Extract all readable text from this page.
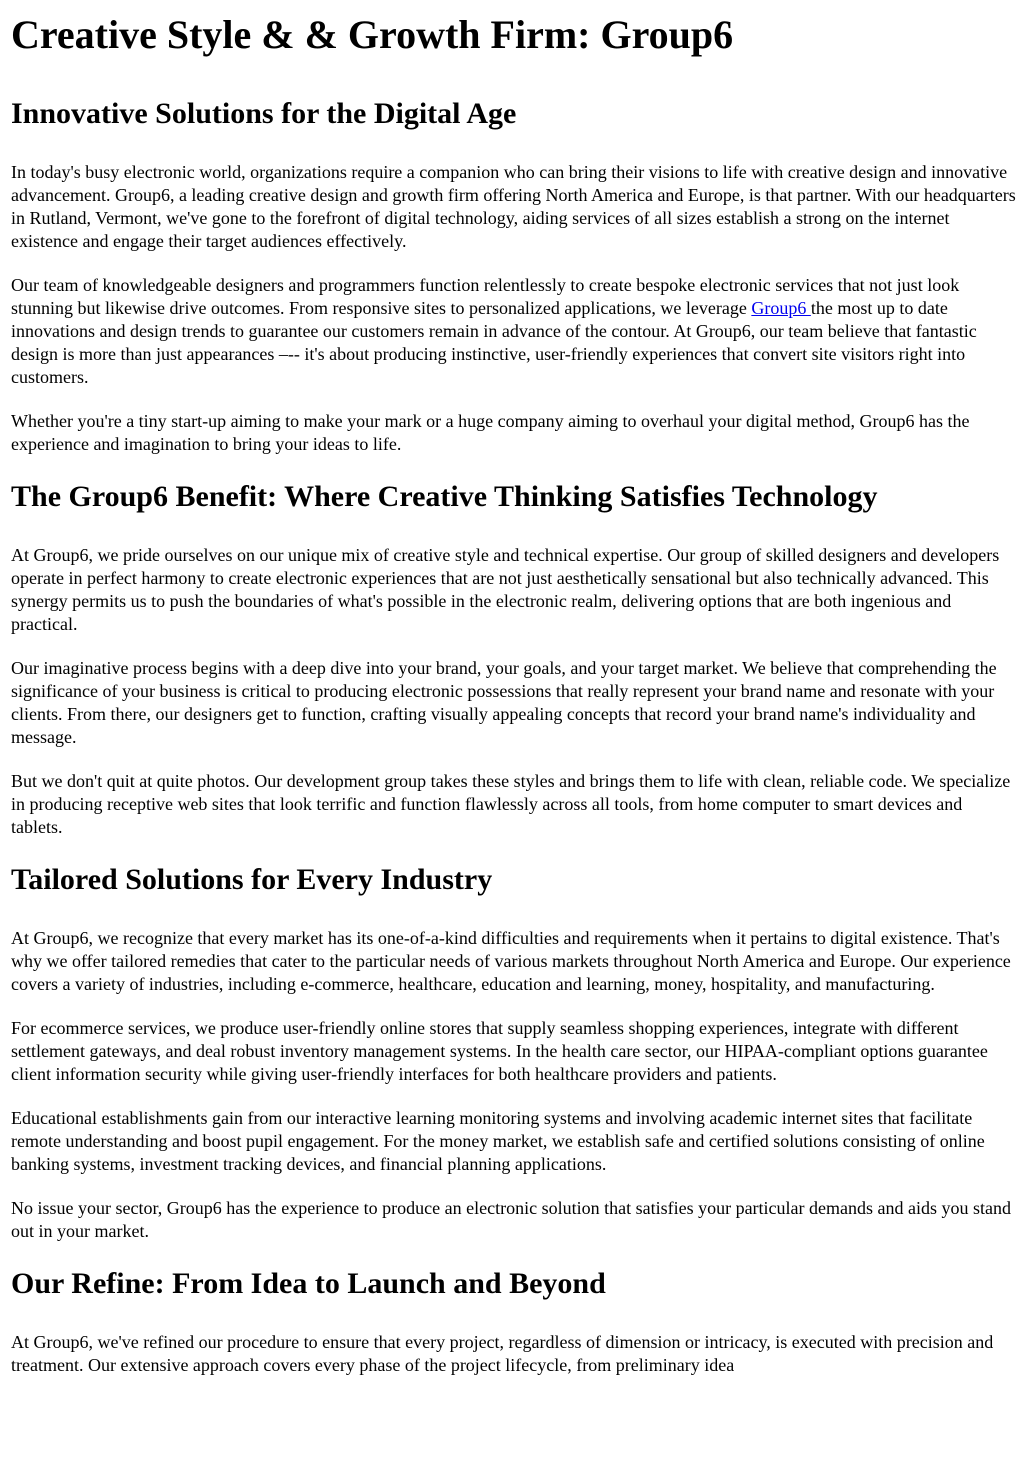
Creative Style & & Growth Firm: Group6
Innovative Solutions for the Digital Age

In today's busy electronic world, organizations require a companion who can bring their visions to life with creative design and innovative advancement. Group6, a leading creative design and growth firm offering North America and Europe, is that partner. With our headquarters in Rutland, Vermont, we've gone to the forefront of digital technology, aiding services of all sizes establish a strong on the internet existence and engage their target audiences effectively.

Our team of knowledgeable designers and programmers function relentlessly to create bespoke electronic services that not just look stunning but likewise drive outcomes. From responsive sites to personalized applications, we leverage Group6 the most up to date innovations and design trends to guarantee our customers remain in advance of the contour. At Group6, our team believe that fantastic design is more than just appearances –-- it's about producing instinctive, user-friendly experiences that convert site visitors right into customers.

Whether you're a tiny start-up aiming to make your mark or a huge company aiming to overhaul your digital method, Group6 has the experience and imagination to bring your ideas to life.

The Group6 Benefit: Where Creative Thinking Satisfies Technology

At Group6, we pride ourselves on our unique mix of creative style and technical expertise. Our group of skilled designers and developers operate in perfect harmony to create electronic experiences that are not just aesthetically sensational but also technically advanced. This synergy permits us to push the boundaries of what's possible in the electronic realm, delivering options that are both ingenious and practical.

Our imaginative process begins with a deep dive into your brand, your goals, and your target market. We believe that comprehending the significance of your business is critical to producing electronic possessions that really represent your brand name and resonate with your clients. From there, our designers get to function, crafting visually appealing concepts that record your brand name's individuality and message.

But we don't quit at quite photos. Our development group takes these styles and brings them to life with clean, reliable code. We specialize in producing receptive web sites that look terrific and function flawlessly across all tools, from home computer to smart devices and tablets.

Tailored Solutions for Every Industry

At Group6, we recognize that every market has its one-of-a-kind difficulties and requirements when it pertains to digital existence. That's why we offer tailored remedies that cater to the particular needs of various markets throughout North America and Europe. Our experience covers a variety of industries, including e-commerce, healthcare, education and learning, money, hospitality, and manufacturing.

For ecommerce services, we produce user-friendly online stores that supply seamless shopping experiences, integrate with different settlement gateways, and deal robust inventory management systems. In the health care sector, our HIPAA-compliant options guarantee client information security while giving user-friendly interfaces for both healthcare providers and patients.

Educational establishments gain from our interactive learning monitoring systems and involving academic internet sites that facilitate remote understanding and boost pupil engagement. For the money market, we establish safe and certified solutions consisting of online banking systems, investment tracking devices, and financial planning applications.

No issue your sector, Group6 has the experience to produce an electronic solution that satisfies your particular demands and aids you stand out in your market.

Our Refine: From Idea to Launch and Beyond

At Group6, we've refined our procedure to ensure that every project, regardless of dimension or intricacy, is executed with precision and treatment. Our extensive approach covers every phase of the project lifecycle, from preliminary idea
